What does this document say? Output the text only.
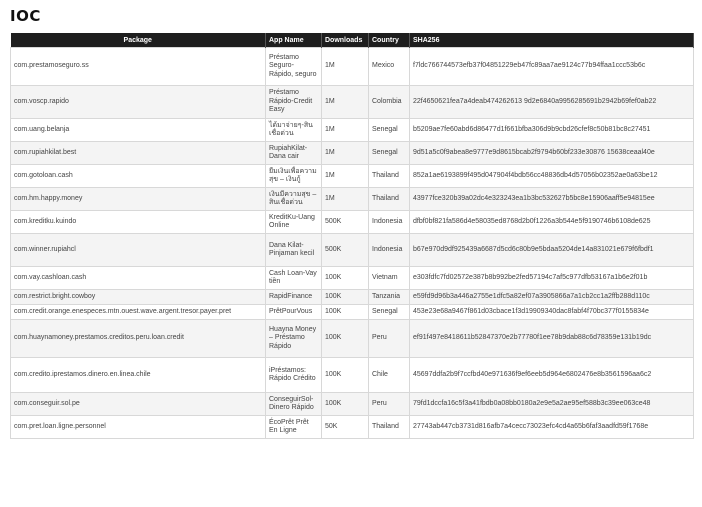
IOC
Package	App Name	Downloads	Country	SHA256
com.prestamoseguro.ss	Préstamo Seguro-Rápido, seguro	1M	Mexico	f7ldc766744573efb37f04851229eb47fc89aa7ae9124c77b94ffaa1ccc53b6c
com.voscp.rapido	Préstamo Rápido-Credit Easy	1M	Colombia	22f4650621fea7a4deab474262613 9d2e6840a9956285691b2942b69fef0ab22
com.uang.belanja	ได้มาจ่ายๆ-สินเชื่อด่วน	1M	Senegal	b5209ae7fe60abd6d86477d1f661bfba306d9b9cbd26cfef8c50b81bc8c27451
com.rupiahkilat.best	RupiahKilat-Dana cair	1M	Senegal	9d51a5c0f9abea8e9777e9d8615bcab2f9794b60bf233e30876 15638ceaal40e
com.gotoloan.cash	ยืมเงินเพื่อความสุข – เงินกู้	1M	Thailand	852a1ae6193899f495d047904f4bdb56cc48836db4d57056b02352ae0a63be12
com.hm.happy.money	เงินมีความสุข – สินเชื่อด่วน	1M	Thailand	43977fce320b39a02dc4e323243ea1b3bc532627b5bc8e15906aaff5e94815ee
com.kreditku.kuindo	KreditKu-Uang Online	500K	Indonesia	dfbf0bf821fa586d4e58035ed8768d2b0f1226a3b544e5f9190746b6108de625
com.winner.rupiahcl	Dana Kilat-Pinjaman kecil	500K	Indonesia	b67e970d9df925439a6687d5cd6c80b9e5bdaa5204de14a831021e679f6fbdf1
com.vay.cashloan.cash	Cash Loan-Vay tiền	100K	Vietnam	e303fdfc7fd02572e387b8b992be2fed57194c7af5c977dfb53167a1b6e2f01b
com.restrict.bright.cowboy	RapidFinance	100K	Tanzania	e59fd9d96b3a446a2755e1dfc5a82ef07a3905866a7a1cb2cc1a2ffb288d110c
com.credit.orange.enespeces.mtn.ouest.wave.argent.tresor.payer.pret	PrêtPourVous	100K	Senegal	453e23e68a9467f861d03cbace1f3d19909340dac8fabf4f70bc377f0155834e
com.huaynamoney.prestamos.creditos.peru.loan.credit	Huayna Money – Préstamo Rápido	100K	Peru	ef91f497e8418611b52847370e2b77780f1ee78b9dab88c6d78359e131b19dc
com.credito.iprestamos.dinero.en.linea.chile	iPréstamos: Rápido Crédito	100K	Chile	45697ddfa2b9f7ccfbd40e971636f9ef6eeb5d964e6802476e8b3561596aa6c2
com.conseguir.sol.pe	ConseguirSol-Dinero Rápido	100K	Peru	79fd1dccfa16c5f3a41fbdb0a08bb0180a2e9e5a2ae95ef588b3c39ee063ce48
com.pret.loan.ligne.personnel	ÉcoPrêt Prêt En Ligne	50K	Thailand	27743ab447cb3731d816afb7a4cecc73023efc4cd4a65b6faf3aadfd59f1768e
